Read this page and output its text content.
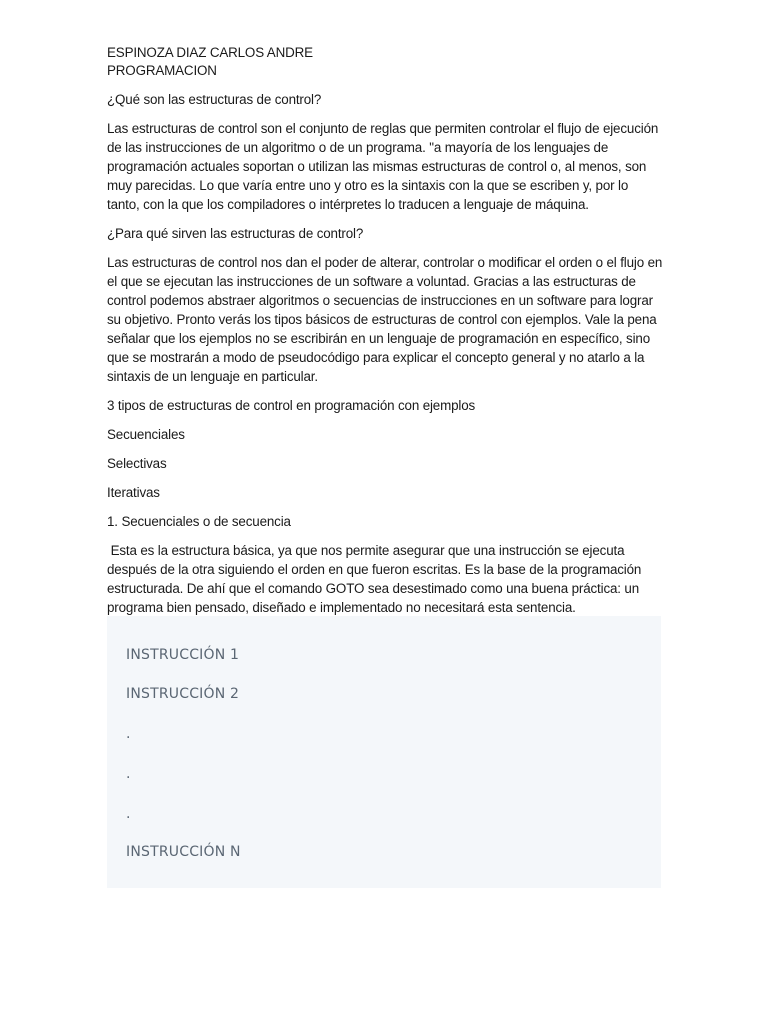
ESPINOZA DIAZ CARLOS ANDRE

PROGRAMACION

¿Qué son las estructuras de control?

Las estructuras de control son el conjunto de reglas que permiten controlar el flujo de ejecución de las instrucciones de un algoritmo o de un programa. "a mayoría de los lenguajes de programación actuales soportan o utilizan las mismas estructuras de control o, al menos, son muy parecidas. Lo que varía entre uno y otro es la sintaxis con la que se escriben y, por lo tanto, con la que los compiladores o intérpretes lo traducen a lenguaje de máquina.

¿Para qué sirven las estructuras de control?

Las estructuras de control nos dan el poder de alterar, controlar o modificar el orden o el flujo en el que se ejecutan las instrucciones de un software a voluntad. Gracias a las estructuras de control podemos abstraer algoritmos o secuencias de instrucciones en un software para lograr su objetivo. Pronto verás los tipos básicos de estructuras de control con ejemplos. Vale la pena señalar que los ejemplos no se escribirán en un lenguaje de programación en específico, sino que se mostrarán a modo de pseudocódigo para explicar el concepto general y no atarlo a la sintaxis de un lenguaje en particular.

3 tipos de estructuras de control en programación con ejemplos

Secuenciales

Selectivas

Iterativas

1. Secuenciales o de secuencia

Esta es la estructura básica, ya que nos permite asegurar que una instrucción se ejecuta después de la otra siguiendo el orden en que fueron escritas. Es la base de la programación estructurada. De ahí que el comando GOTO sea desestimado como una buena práctica: un programa bien pensado, diseñado e implementado no necesitará esta sentencia.

INSTRUCCIÓN 1
INSTRUCCIÓN 2
.
.
.
INSTRUCCIÓN N
